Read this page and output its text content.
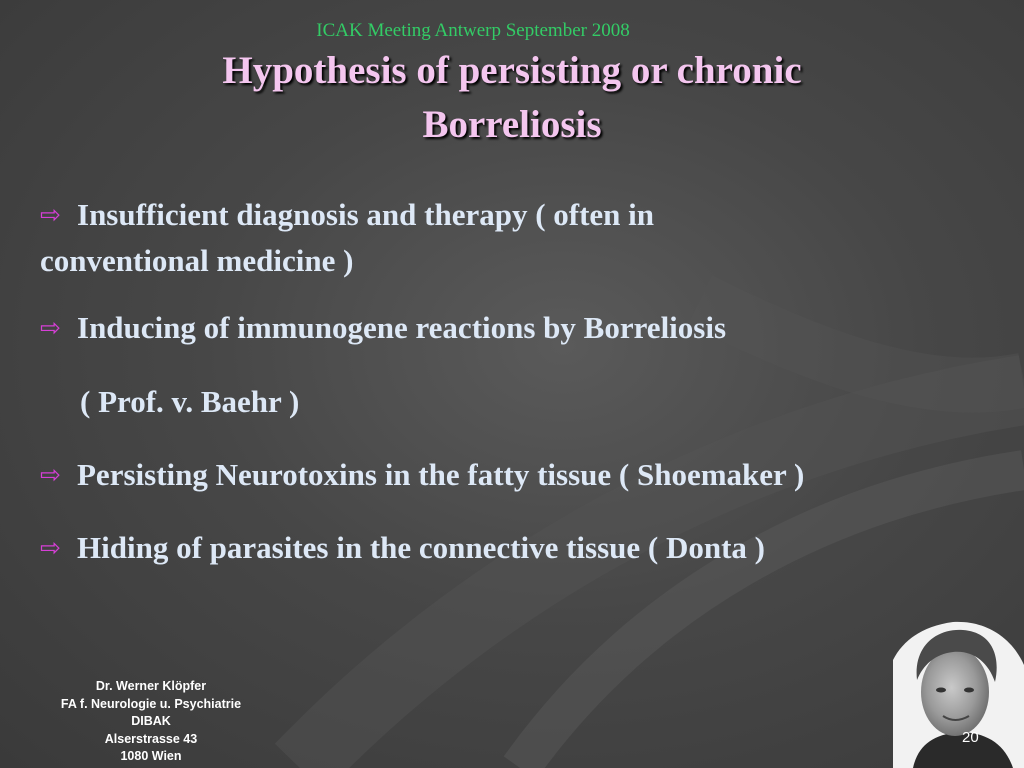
ICAK Meeting Antwerp September 2008
Hypothesis of persisting or chronic
Borreliosis
⇨ Insufficient diagnosis and therapy ( often in
conventional medicine )
⇨ Inducing of immunogene reactions by Borreliosis
( Prof. v. Baehr )
⇨ Persisting Neurotoxins in the fatty tissue ( Shoemaker )
⇨ Hiding of parasites in the connective tissue ( Donta )
Dr. Werner Klöpfer
FA f. Neurologie u. Psychiatrie
DIBAK
Alserstrasse 43
1080 Wien
20
